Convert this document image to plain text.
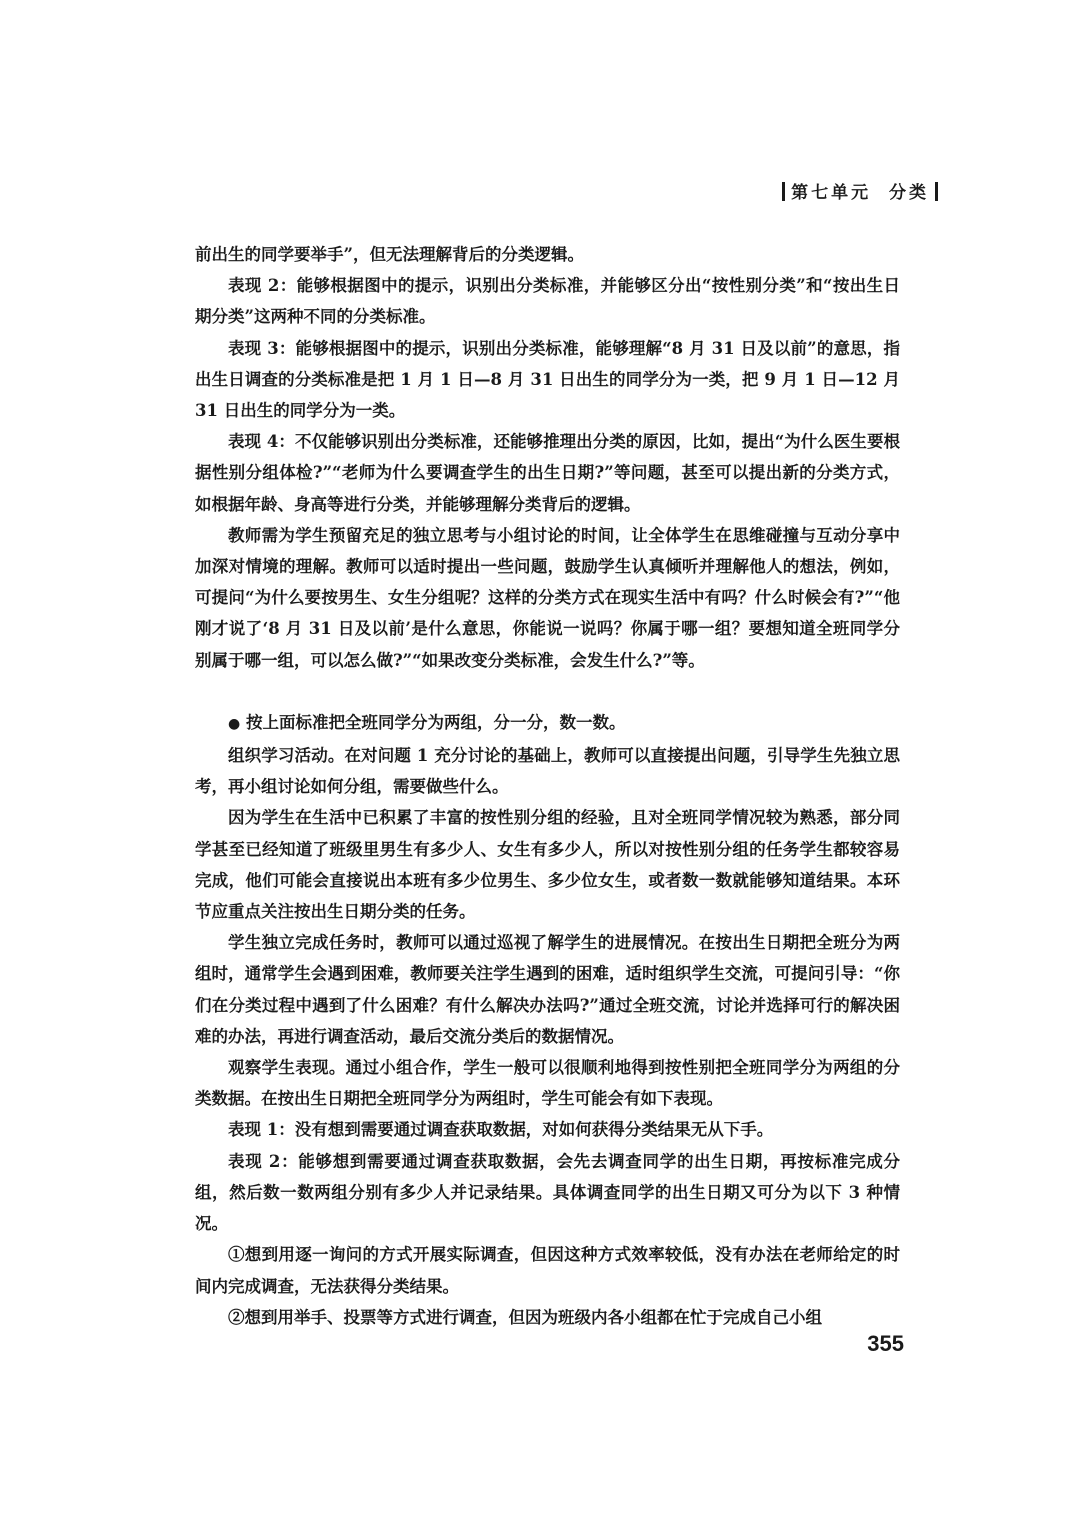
第七单元 分类

前出生的同学要举手”，但无法理解背后的分类逻辑。

表现 2：能够根据图中的提示，识别出分类标准，并能够区分出“按性别分类”和“按出生日期分类”这两种不同的分类标准。

表现 3：能够根据图中的提示，识别出分类标准，能够理解“8 月 31 日及以前”的意思，指出生日调查的分类标准是把 1 月 1 日—8 月 31 日出生的同学分为一类，把 9 月 1 日—12 月 31 日出生的同学分为一类。

表现 4：不仅能够识别出分类标准，还能够推理出分类的原因，比如，提出“为什么医生要根据性别分组体检?”“老师为什么要调查学生的出生日期?”等问题，甚至可以提出新的分类方式，如根据年龄、身高等进行分类，并能够理解分类背后的逻辑。

教师需为学生预留充足的独立思考与小组讨论的时间，让全体学生在思维碰撞与互动分享中加深对情境的理解。教师可以适时提出一些问题，鼓励学生认真倾听并理解他人的想法，例如，可提问“为什么要按男生、女生分组呢？这样的分类方式在现实生活中有吗？什么时候会有?”“他刚才说了‘8 月 31 日及以前’是什么意思，你能说一说吗？你属于哪一组？要想知道全班同学分别属于哪一组，可以怎么做?”“如果改变分类标准，会发生什么?”等。

● 按上面标准把全班同学分为两组，分一分，数一数。

组织学习活动。在对问题 1 充分讨论的基础上，教师可以直接提出问题，引导学生先独立思考，再小组讨论如何分组，需要做些什么。

因为学生在生活中已积累了丰富的按性别分组的经验，且对全班同学情况较为熟悉，部分同学甚至已经知道了班级里男生有多少人、女生有多少人，所以对按性别分组的任务学生都较容易完成，他们可能会直接说出本班有多少位男生、多少位女生，或者数一数就能够知道结果。本环节应重点关注按出生日期分类的任务。

学生独立完成任务时，教师可以通过巡视了解学生的进展情况。在按出生日期把全班分为两组时，通常学生会遇到困难，教师要关注学生遇到的困难，适时组织学生交流，可提问引导：“你们在分类过程中遇到了什么困难？有什么解决办法吗?”通过全班交流，讨论并选择可行的解决困难的办法，再进行调查活动，最后交流分类后的数据情况。

观察学生表现。通过小组合作，学生一般可以很顺利地得到按性别把全班同学分为两组的分类数据。在按出生日期把全班同学分为两组时，学生可能会有如下表现。

表现 1：没有想到需要通过调查获取数据，对如何获得分类结果无从下手。

表现 2：能够想到需要通过调查获取数据，会先去调查同学的出生日期，再按标准完成分组，然后数一数两组分别有多少人并记录结果。具体调查同学的出生日期又可分为以下 3 种情况。

①想到用逐一询问的方式开展实际调查，但因这种方式效率较低，没有办法在老师给定的时间内完成调查，无法获得分类结果。

②想到用举手、投票等方式进行调查，但因为班级内各小组都在忙于完成自己小组

355
